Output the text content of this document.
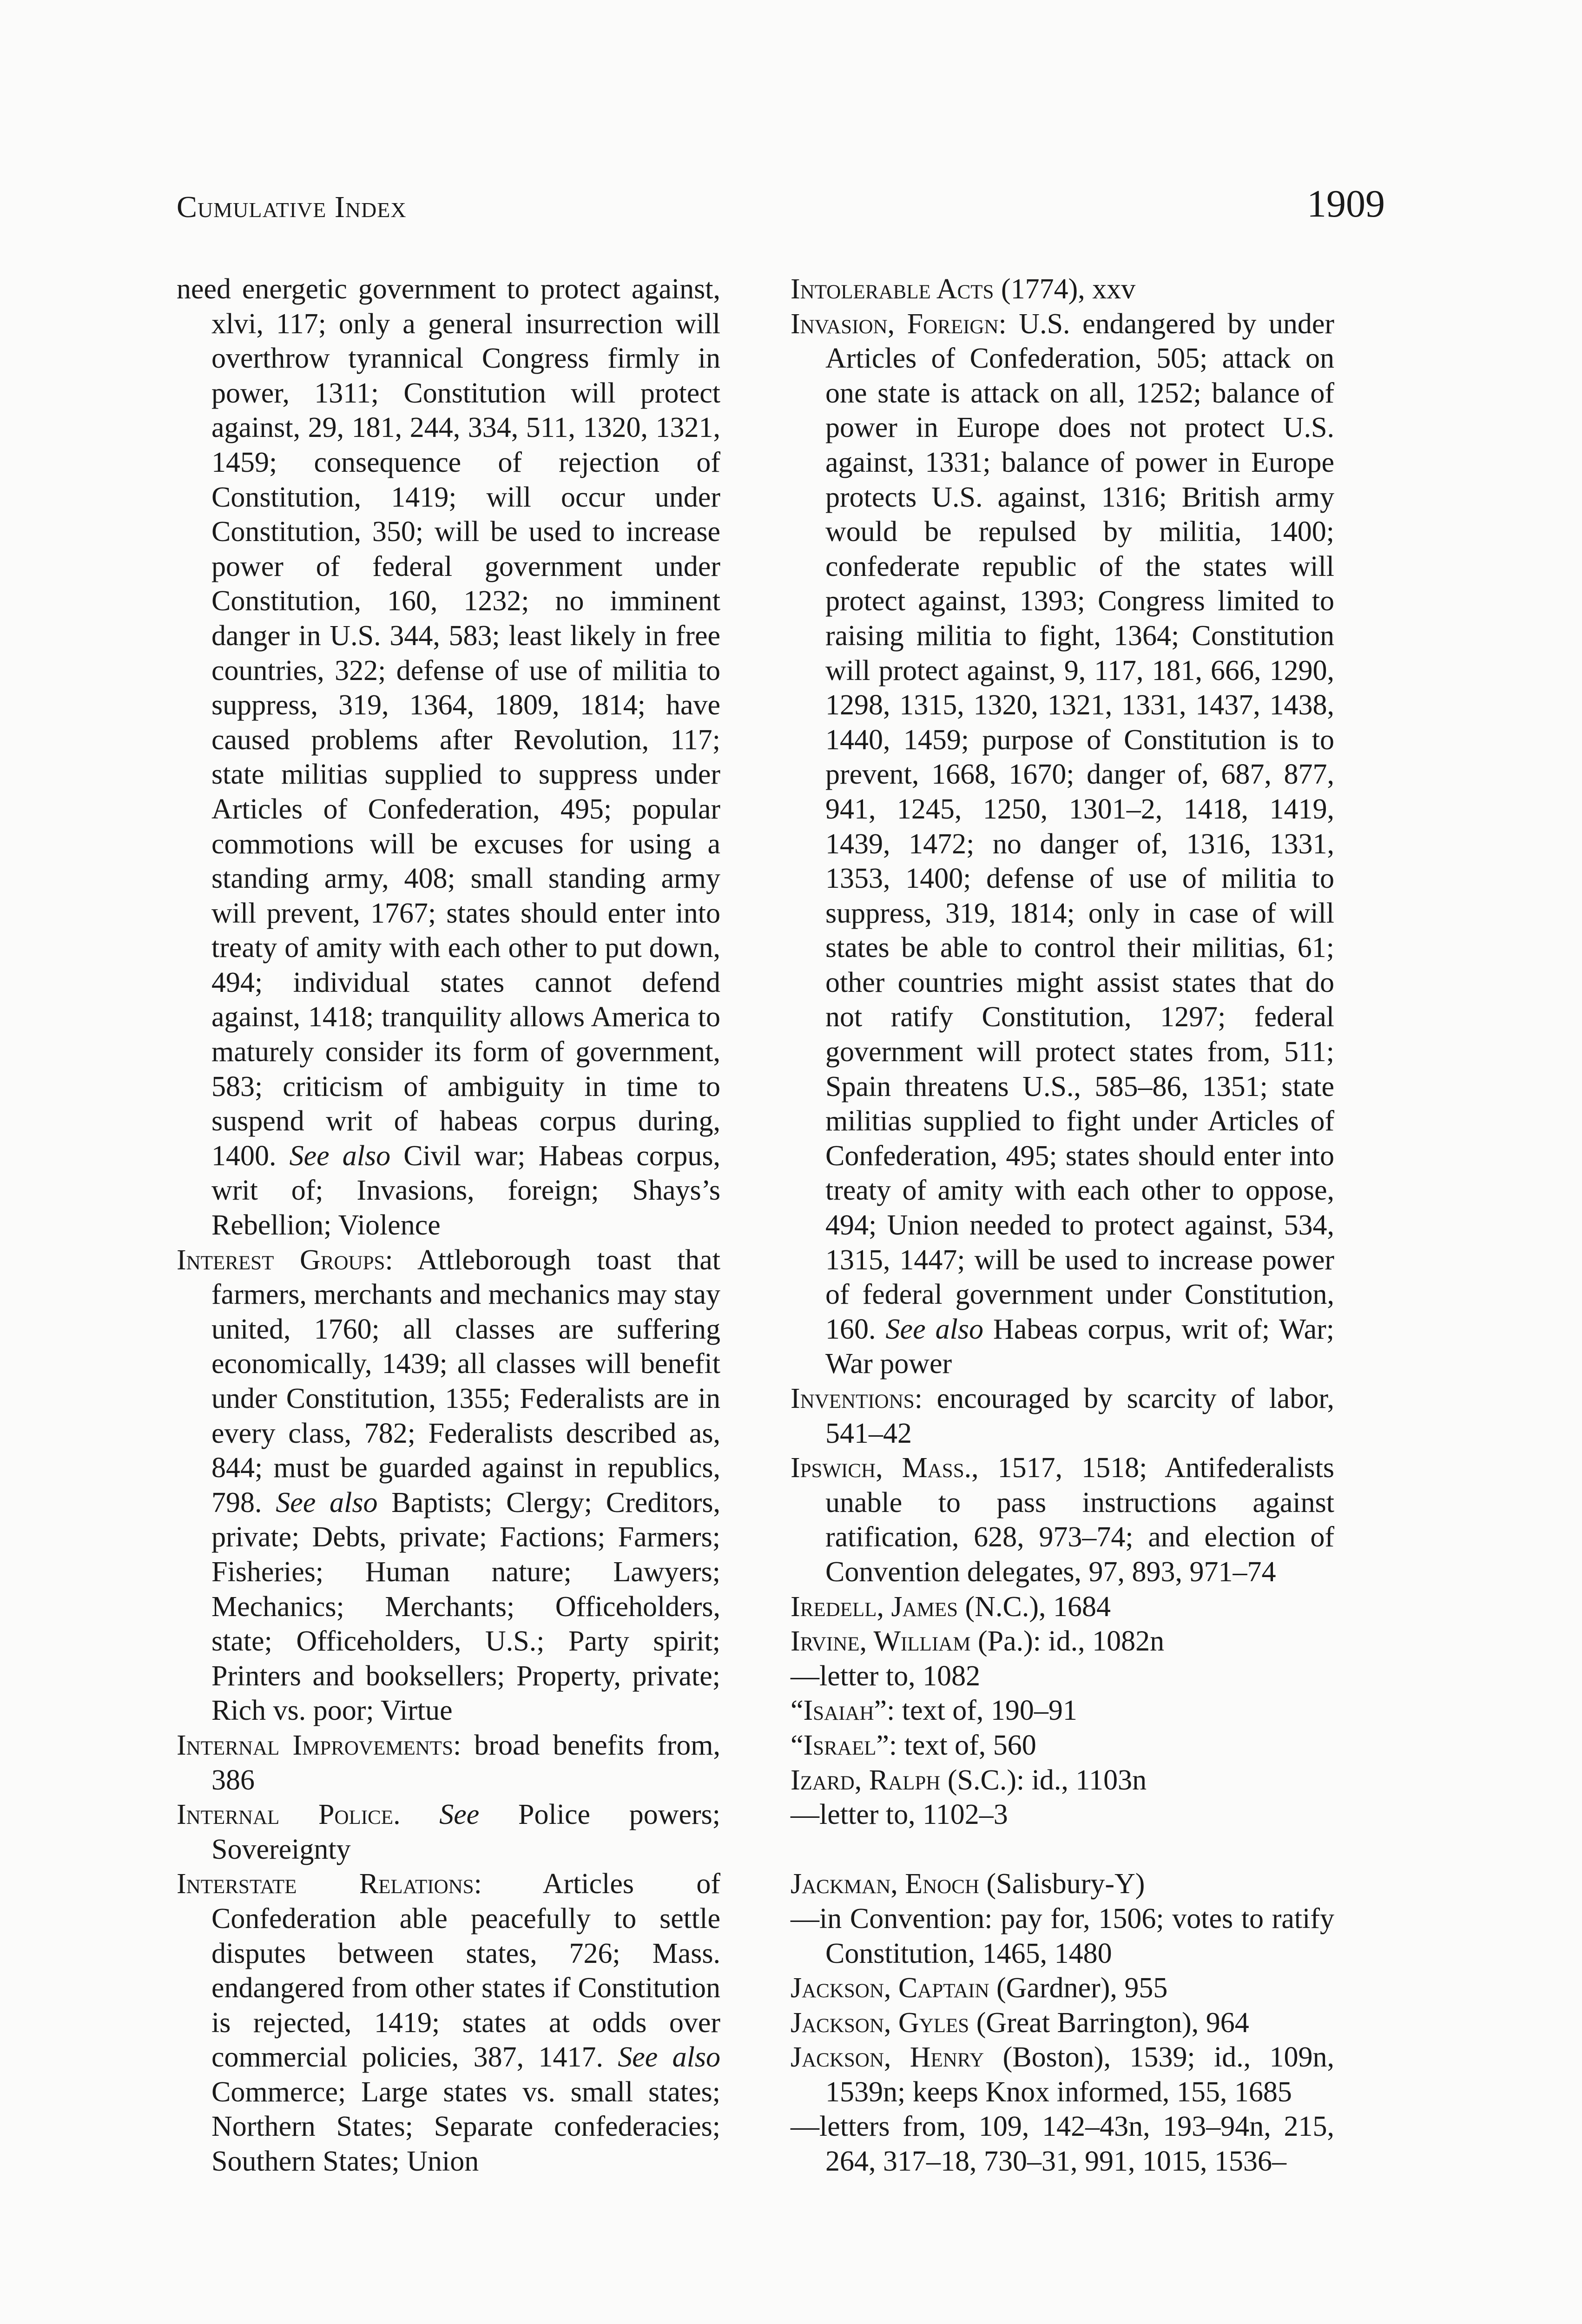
Cumulative Index	1909

need energetic government to protect against, xlvi, 117; only a general insurrection will overthrow tyrannical Congress firmly in power, 1311; Constitution will protect against, 29, 181, 244, 334, 511, 1320, 1321, 1459; consequence of rejection of Constitution, 1419; will occur under Constitution, 350; will be used to increase power of federal government under Constitution, 160, 1232; no imminent danger in U.S. 344, 583; least likely in free countries, 322; defense of use of militia to suppress, 319, 1364, 1809, 1814; have caused problems after Revolution, 117; state militias supplied to suppress under Articles of Confederation, 495; popular commotions will be excuses for using a standing army, 408; small standing army will prevent, 1767; states should enter into treaty of amity with each other to put down, 494; individual states cannot defend against, 1418; tranquility allows America to maturely consider its form of government, 583; criticism of ambiguity in time to suspend writ of habeas corpus during, 1400. See also Civil war; Habeas corpus, writ of; Invasions, foreign; Shays’s Rebellion; Violence

Interest Groups: Attleborough toast that farmers, merchants and mechanics may stay united, 1760; all classes are suffering economically, 1439; all classes will benefit under Constitution, 1355; Federalists are in every class, 782; Federalists described as, 844; must be guarded against in republics, 798. See also Baptists; Clergy; Creditors, private; Debts, private; Factions; Farmers; Fisheries; Human nature; Lawyers; Mechanics; Merchants; Officeholders, state; Officeholders, U.S.; Party spirit; Printers and booksellers; Property, private; Rich vs. poor; Virtue

Internal Improvements: broad benefits from, 386

Internal Police. See Police powers; Sovereignty

Interstate Relations: Articles of Confederation able peacefully to settle disputes between states, 726; Mass. endangered from other states if Constitution is rejected, 1419; states at odds over commercial policies, 387, 1417. See also Commerce; Large states vs. small states; Northern States; Separate confederacies; Southern States; Union

Intolerable Acts (1774), xxv

Invasion, Foreign: U.S. endangered by under Articles of Confederation, 505; attack on one state is attack on all, 1252; balance of power in Europe does not protect U.S. against, 1331; balance of power in Europe protects U.S. against, 1316; British army would be repulsed by militia, 1400; confederate republic of the states will protect against, 1393; Congress limited to raising militia to fight, 1364; Constitution will protect against, 9, 117, 181, 666, 1290, 1298, 1315, 1320, 1321, 1331, 1437, 1438, 1440, 1459; purpose of Constitution is to prevent, 1668, 1670; danger of, 687, 877, 941, 1245, 1250, 1301–2, 1418, 1419, 1439, 1472; no danger of, 1316, 1331, 1353, 1400; defense of use of militia to suppress, 319, 1814; only in case of will states be able to control their militias, 61; other countries might assist states that do not ratify Constitution, 1297; federal government will protect states from, 511; Spain threatens U.S., 585–86, 1351; state militias supplied to fight under Articles of Confederation, 495; states should enter into treaty of amity with each other to oppose, 494; Union needed to protect against, 534, 1315, 1447; will be used to increase power of federal government under Constitution, 160. See also Habeas corpus, writ of; War; War power

Inventions: encouraged by scarcity of labor, 541–42

Ipswich, Mass., 1517, 1518; Antifederalists unable to pass instructions against ratification, 628, 973–74; and election of Convention delegates, 97, 893, 971–74

Iredell, James (N.C.), 1684

Irvine, William (Pa.): id., 1082n

—letter to, 1082

“Isaiah”: text of, 190–91

“Israel”: text of, 560

Izard, Ralph (S.C.): id., 1103n

—letter to, 1102–3

Jackman, Enoch (Salisbury-Y)

—in Convention: pay for, 1506; votes to ratify Constitution, 1465, 1480

Jackson, Captain (Gardner), 955

Jackson, Gyles (Great Barrington), 964

Jackson, Henry (Boston), 1539; id., 109n, 1539n; keeps Knox informed, 155, 1685

—letters from, 109, 142–43n, 193–94n, 215, 264, 317–18, 730–31, 991, 1015, 1536–
